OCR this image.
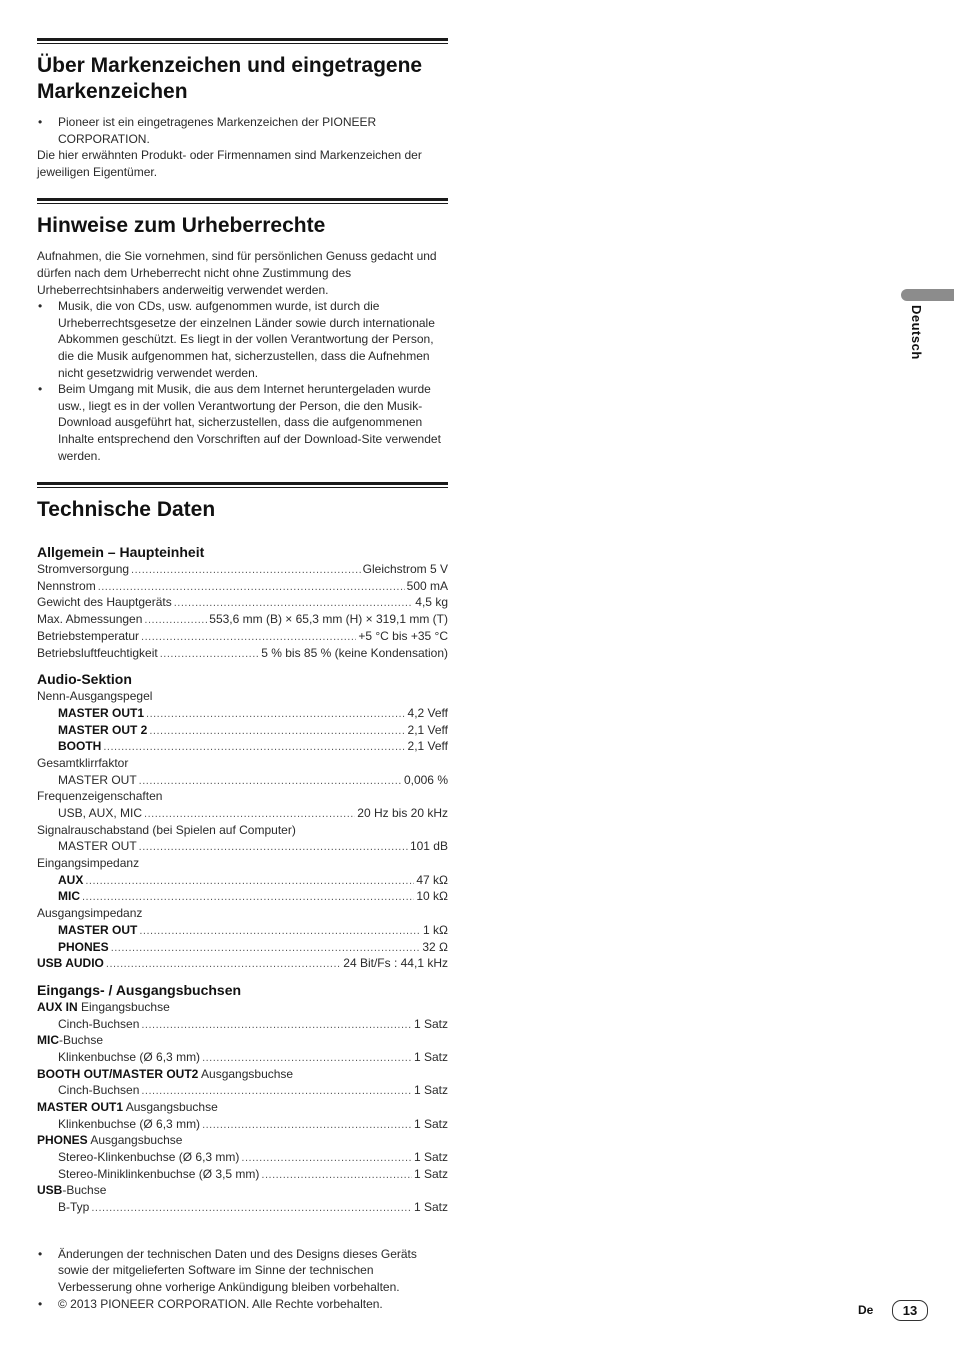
Über Markenzeichen und eingetragene Markenzeichen
• Pioneer ist ein eingetragenes Markenzeichen der PIONEER CORPORATION.

Die hier erwähnten Produkt- oder Firmennamen sind Markenzeichen der jeweiligen Eigentümer.

Hinweise zum Urheberrechte

Aufnahmen, die Sie vornehmen, sind für persönlichen Genuss gedacht und dürfen nach dem Urheberrecht nicht ohne Zustimmung des Urheberrechtsinhabers anderweitig verwendet werden.

• Musik, die von CDs, usw. aufgenommen wurde, ist durch die Urheberrechtsgesetze der einzelnen Länder sowie durch internationale Abkommen geschützt. Es liegt in der vollen Verantwortung der Person, die die Musik aufgenommen hat, sicherzustellen, dass die Aufnehmen nicht gesetzwidrig verwendet werden.
• Beim Umgang mit Musik, die aus dem Internet heruntergeladen wurde usw., liegt es in der vollen Verantwortung der Person, die den Musik-Download ausgeführt hat, sicherzustellen, dass die aufgenommenen Inhalte entsprechend den Vorschriften auf der Download-Site verwendet werden.
Technische Daten
Allgemein – Haupteinheit
Stromversorgung .....	Gleichstrom 5 V
Nennstrom .....	500 mA
Gewicht des Hauptgeräts .....	4,5 kg
Max. Abmessungen .....	553,6 mm (B) × 65,3 mm (H) × 319,1 mm (T)
Betriebstemperatur .....	+5 °C bis +35 °C
Betriebsluftfeuchtigkeit .....	5 % bis 85 % (keine Kondensation)
Audio-Sektion
Nenn-Ausgangspegel
MASTER OUT1 .....	4,2 Veff
MASTER OUT 2 .....	2,1 Veff
BOOTH .....	2,1 Veff
Gesamtklirrfaktor
MASTER OUT .....	0,006 %
Frequenzeigenschaften
USB, AUX, MIC .....	20 Hz bis 20 kHz
Signalrauschabstand (bei Spielen auf Computer)
MASTER OUT .....	101 dB
Eingangsimpedanz
AUX .....	47 kΩ
MIC .....	10 kΩ
Ausgangsimpedanz
MASTER OUT .....	1 kΩ
PHONES .....	32 Ω
USB AUDIO .....	24 Bit/Fs : 44,1 kHz
Eingangs- / Ausgangsbuchsen
AUX IN Eingangsbuchse
Cinch-Buchsen .....	1 Satz
MIC-Buchse
Klinkenbuchse (Ø 6,3 mm) .....	1 Satz
BOOTH OUT/MASTER OUT2 Ausgangsbuchse
Cinch-Buchsen .....	1 Satz
MASTER OUT1 Ausgangsbuchse
Klinkenbuchse (Ø 6,3 mm) .....	1 Satz
PHONES Ausgangsbuchse
Stereo-Klinkenbuchse (Ø 6,3 mm) .....	1 Satz
Stereo-Miniklinkenbuchse (Ø 3,5 mm) .....	1 Satz
USB-Buchse
B-Typ .....	1 Satz
• Änderungen der technischen Daten und des Designs dieses Geräts sowie der mitgelieferten Software im Sinne der technischen Verbesserung ohne vorherige Ankündigung bleiben vorbehalten.
• © 2013 PIONEER CORPORATION. Alle Rechte vorbehalten.
Deutsch
De	13
